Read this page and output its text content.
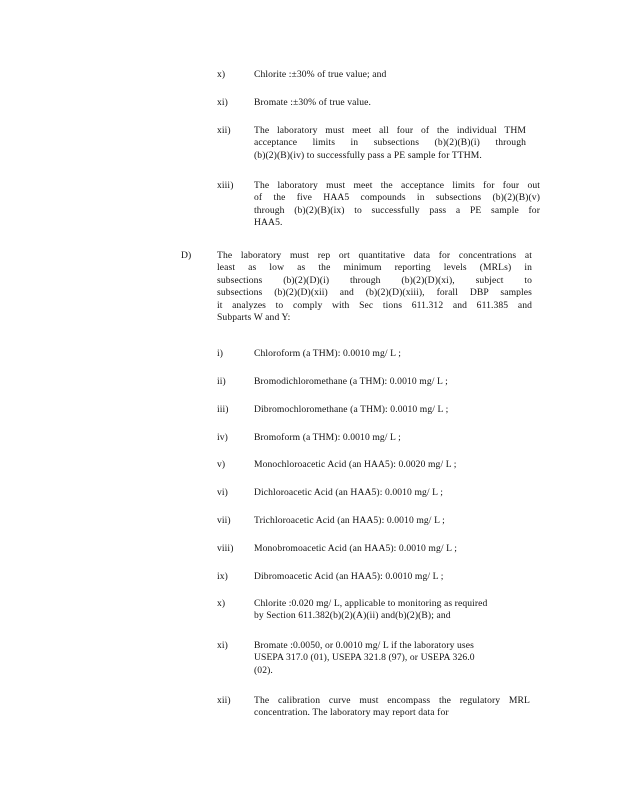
x)	Chlorite :±30% of true value; and
xi)	Bromate :±30% of true value.
xii) The laboratory must meet all four of the individual THM
acceptance limits in subsections (b)(2)(B)(i) through
(b)(2)(B)(iv) to successfully pass a PE sample for TTHM.
xiii) The laboratory must meet the acceptance limits for four out
of the five HAA5 compounds in subsections (b)(2)(B)(v)
through (b)(2)(B)(ix) to successfully pass a PE sample for
HAA5.
D)	The laboratory must rep ort quantitative data for concentrations at
least as low as the minimum reporting levels (MRLs) in
subsections (b)(2)(D)(i) through (b)(2)(D)(xi), subject to
subsections (b)(2)(D)(xii) and (b)(2)(D)(xiii), forall DBP samples
it analyzes to comply with Sec tions 611.312 and 611.385 and
Subparts W and Y:
i)	Chloroform (a THM): 0.0010 mg/ L ;
ii)	Bromodichloromethane (a THM): 0.0010 mg/ L ;
iii)	Dibromochloromethane (a THM): 0.0010 mg/ L ;
iv)	Bromoform (a THM): 0.0010 mg/ L ;
v)	Monochloroacetic Acid (an HAA5): 0.0020 mg/ L ;
vi)	Dichloroacetic Acid (an HAA5): 0.0010 mg/ L ;
vii) Trichloroacetic Acid (an HAA5): 0.0010 mg/ L ;
viii) Monobromoacetic Acid (an HAA5): 0.0010 mg/ L ;
ix)	Dibromoacetic Acid (an HAA5): 0.0010 mg/ L ;
x)	Chlorite :0.020 mg/ L, applicable to monitoring as required
by Section 611.382(b)(2)(A)(ii) and(b)(2)(B); and
xi)	Bromate :0.0050, or 0.0010 mg/ L if the laboratory uses
USEPA 317.0 (01), USEPA 321.8 (97), or USEPA 326.0
(02).
xii) The calibration curve must encompass the regulatory MRL
concentration. The laboratory may report data for
